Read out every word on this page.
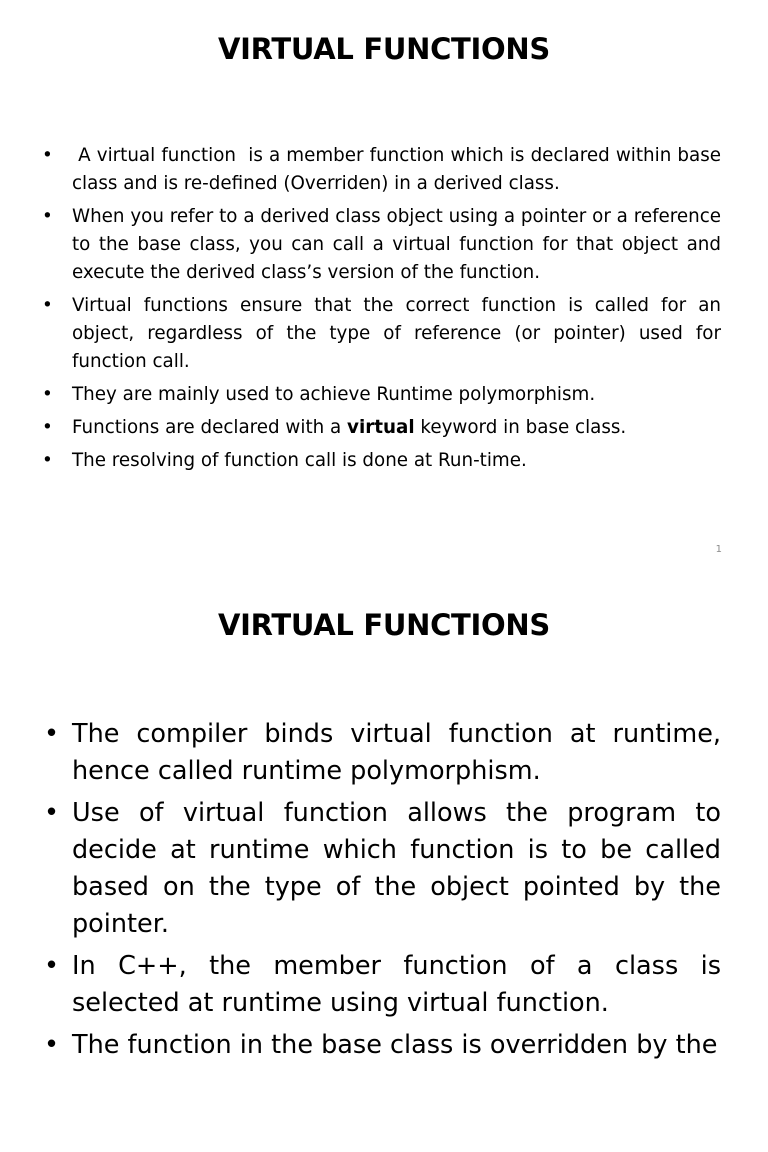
VIRTUAL FUNCTIONS
• A virtual function  is a member function which is declared within base class and is re-defined (Overriden) in a derived class.
• When you refer to a derived class object using a pointer or a reference to the base class, you can call a virtual function for that object and execute the derived class’s version of the function.
• Virtual functions ensure that the correct function is called for an object, regardless of the type of reference (or pointer) used for function call.
• They are mainly used to achieve Runtime polymorphism.
• Functions are declared with a virtual keyword in base class.
• The resolving of function call is done at Run-time.
1
VIRTUAL FUNCTIONS
• The compiler binds virtual function at runtime, hence called runtime polymorphism.
• Use of virtual function allows the program to decide at runtime which function is to be called based on the type of the object pointed by the pointer.
• In C++, the member function of a class is selected at runtime using virtual function.
• The function in the base class is overridden by the
